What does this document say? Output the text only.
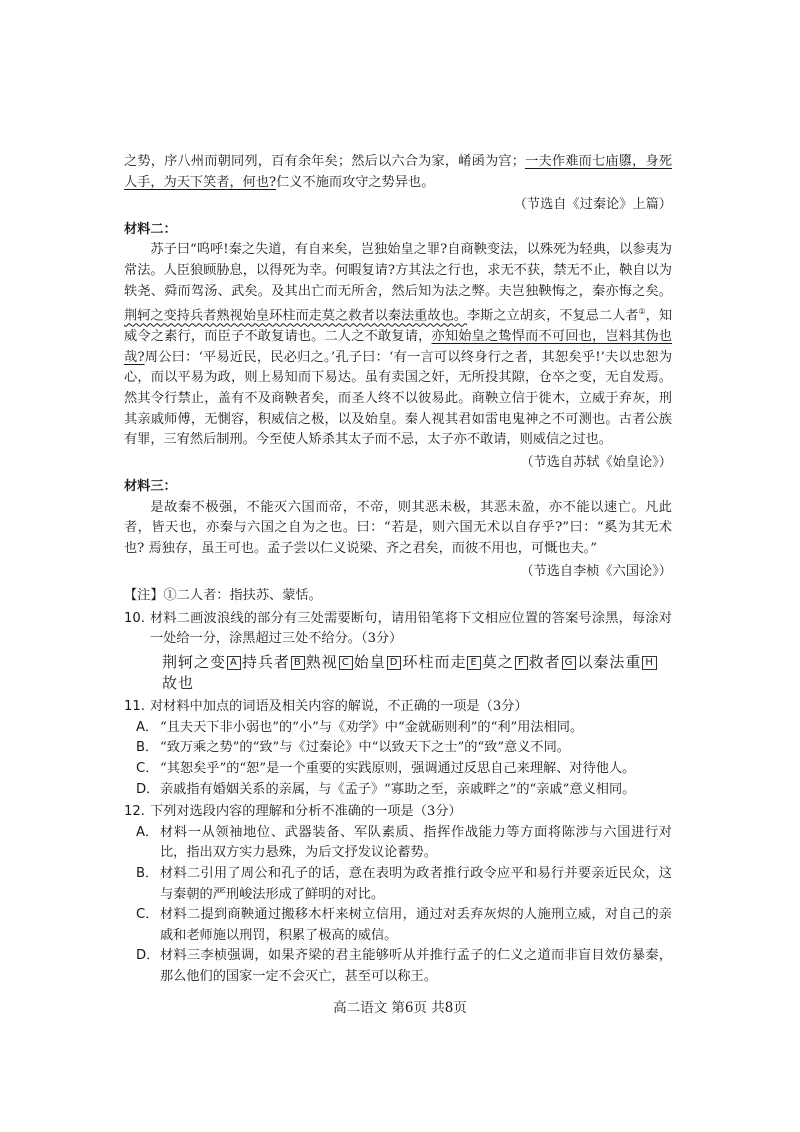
之势，序八州而朝同列，百有余年矣；然后以六合为家，崤函为宫；一夫作难而七庙隳，身死人手，为天下笑者，何也?仁义不施而攻守之势异也。

（节选自《过秦论》上篇）

材料二：

苏子曰“呜呼!秦之失道，有自来矣，岂独始皇之罪?自商鞅变法，以殊死为轻典，以参夷为常法。人臣狼顾胁息，以得死为幸。何暇复请?方其法之行也，求无不获，禁无不止，鞅自以为轶尧、舜而驾汤、武矣。及其出亡而无所舍，然后知为法之弊。夫岂独鞅悔之，秦亦悔之矣。荆轲之变持兵者熟视始皇环柱而走莫之救者以秦法重故也。李斯之立胡亥，不复忌二人者①，知威令之素行，而臣子不敢复请也。二人之不敢复请，亦知始皇之鸷悍而不可回也，岂料其伪也哉?周公曰：‘平易近民，民必归之。’孔子曰：‘有一言可以终身行之者，其恕矣乎!’夫以忠恕为心，而以平易为政，则上易知而下易达。虽有卖国之奸，无所投其隙，仓卒之变，无自发焉。然其令行禁止，盖有不及商鞅者矣，而圣人终不以彼易此。商鞅立信于徙木，立威于弃灰，刑其亲戚师傅，无惻容，积威信之极，以及始皇。秦人视其君如雷电鬼神之不可测也。古者公族有罪，三宥然后制刑。今至使人矫杀其太子而不忌，太子亦不敢请，则威信之过也。

（节选自苏轼《始皇论》）

材料三：

是故秦不极强，不能灭六国而帝，不帝，则其恶未极，其恶未盈，亦不能以速亡。凡此者，皆天也，亦秦与六国之自为之也。曰：“若是，则六国无术以自存乎?”曰：“奚为其无术也? 焉独存，虽王可也。孟子尝以仁义说梁、齐之君矣，而彼不用也，可慨也夫。”

（节选自李桢《六国论》）

【注】①二人者：指扶苏、蒙恬。

10. 材料二画波浪线的部分有三处需要断句，请用铅笔将下文相应位置的答案号涂黑，每涂对一处给一分，涂黑超过三处不给分。（3分）

荆轲之变 A 持兵者 B 熟视 C 始皇 D 环柱而走 E 莫之 F 救者 G 以秦法重 H故也
11. 对材料中加点的词语及相关内容的解说，不正确的一项是（3分）

A． “且夫天下非小弱也”的“小”与《劝学》中“金就砺则利”的“利”用法相同。
B． “致万乘之势”的“致”与《过秦论》中“以致天下之士”的“致”意义不同。
C． “其恕矣乎”的“恕”是一个重要的实践原则，强调通过反思自己来理解、对待他人。
D． 亲戚指有婚姻关系的亲属，与《孟子》“寡助之至，亲戚畔之”的“亲戚”意义相同。
12. 下列对选段内容的理解和分析不准确的一项是（3分）

A． 材料一从领袖地位、武器装备、军队素质、指挥作战能力等方面将陈涉与六国进行对比，指出双方实力悬殊，为后文抒发议论蓄势。
B． 材料二引用了周公和孔子的话，意在表明为政者推行政令应平和易行并要亲近民众，这与秦朝的严刑峻法形成了鲜明的对比。
C． 材料二提到商鞅通过搬移木杆来树立信用，通过对丢弃灰烬的人施刑立威，对自己的亲戚和老师施以刑罚，积累了极高的威信。
D． 材料三李桢强调，如果齐梁的君主能够听从并推行孟子的仁义之道而非盲目效仿暴秦，那么他们的国家一定不会灭亡，甚至可以称王。
高二语文 第6页 共8页
